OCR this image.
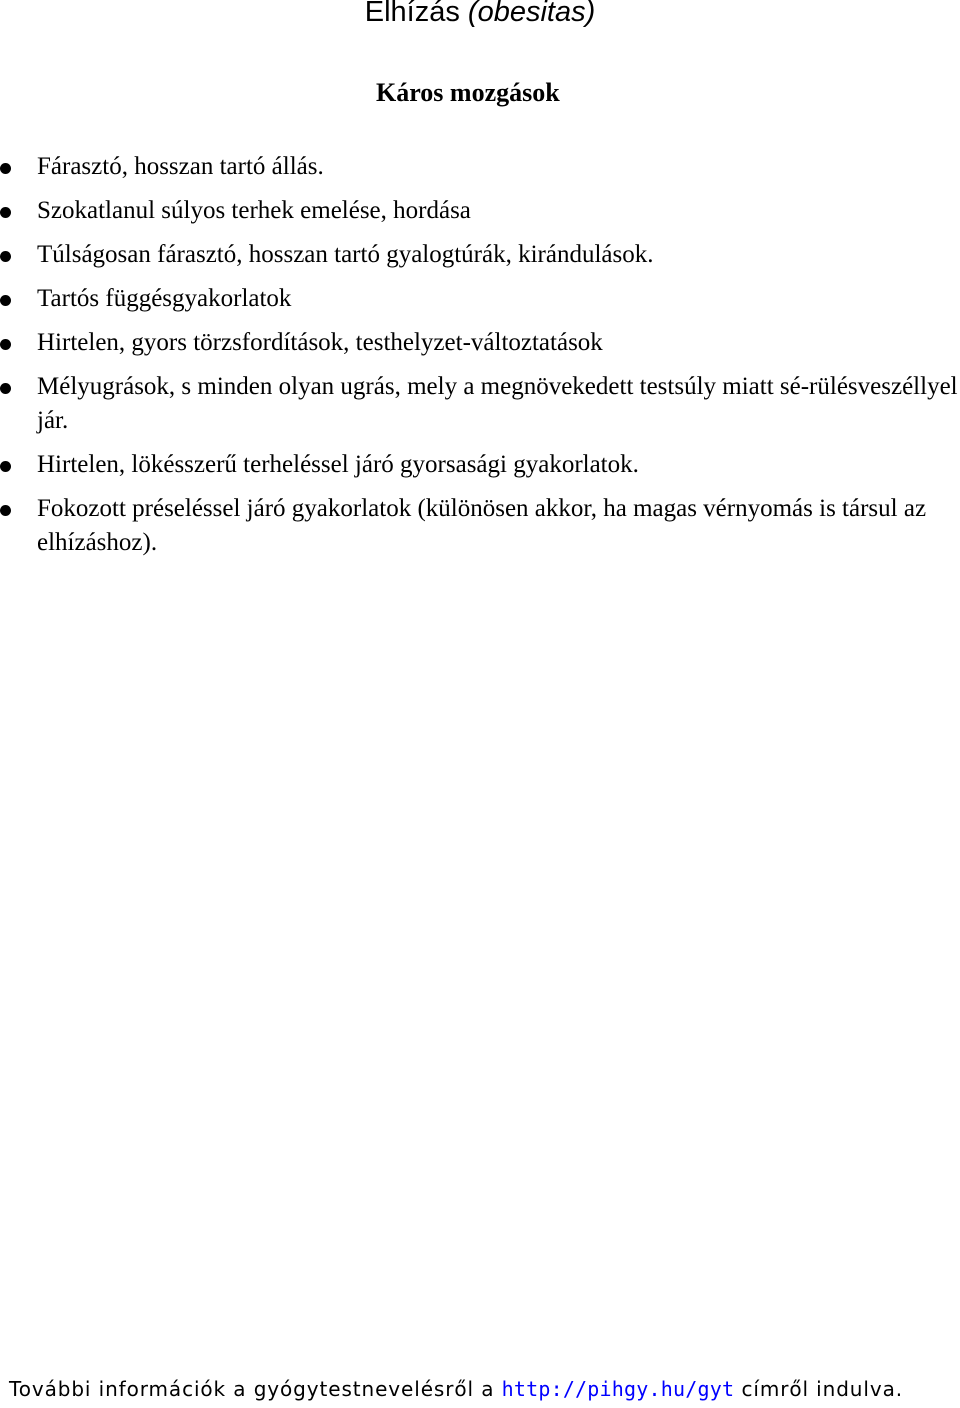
Elhízás (obesitas)
Káros mozgások
Fárasztó, hosszan tartó állás.
Szokatlanul súlyos terhek emelése, hordása
Túlságosan fárasztó, hosszan tartó gyalogtúrák, kirándulások.
Tartós függésgyakorlatok
Hirtelen, gyors törzsfordítások, testhelyzet-változtatások
Mélyugrások, s minden olyan ugrás, mely a megnövekedett testsúly miatt sé-rülésveszéllyel jár.
Hirtelen, lökésszerű terheléssel járó gyorsasági gyakorlatok.
Fokozott préseléssel járó gyakorlatok (különösen akkor, ha magas vérnyomás is társul az elhízáshoz).
További információk a gyógytestnevelésről a http://pihgy.hu/gyt címről indulva.
